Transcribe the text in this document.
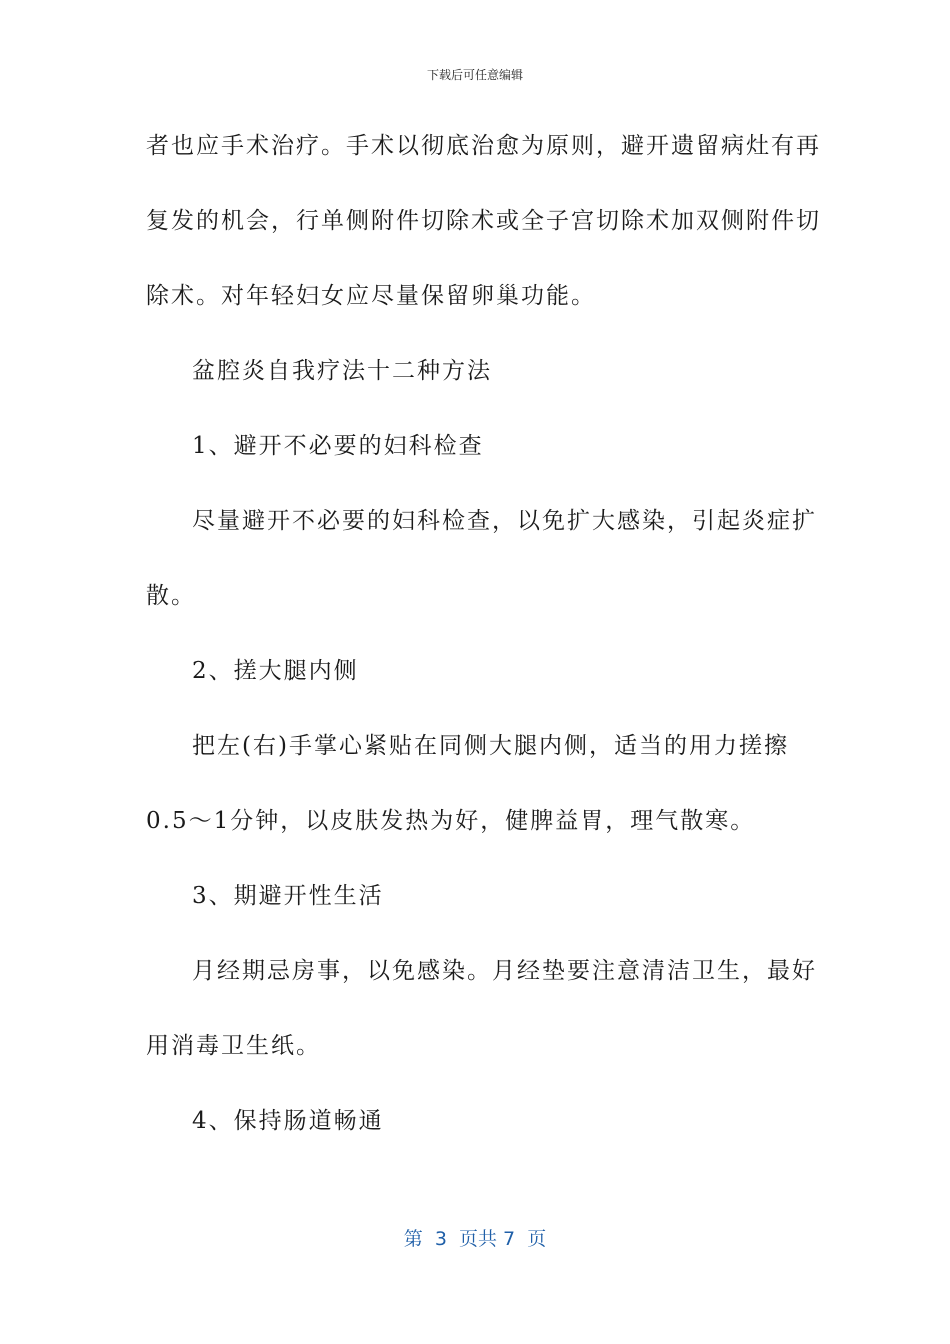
下载后可任意编辑
者也应手术治疗。手术以彻底治愈为原则，避开遗留病灶有再
复发的机会，行单侧附件切除术或全子宫切除术加双侧附件切
除术。对年轻妇女应尽量保留卵巢功能。
盆腔炎自我疗法十二种方法
1、避开不必要的妇科检查
尽量避开不必要的妇科检查，以免扩大感染，引起炎症扩
散。
2、搓大腿内侧
把左(右)手掌心紧贴在同侧大腿内侧，适当的用力搓擦
0.5～1分钟，以皮肤发热为好，健脾益胃，理气散寒。
3、期避开性生活
月经期忌房事，以免感染。月经垫要注意清洁卫生，最好
用消毒卫生纸。
4、保持肠道畅通
第  3  页共 7  页
